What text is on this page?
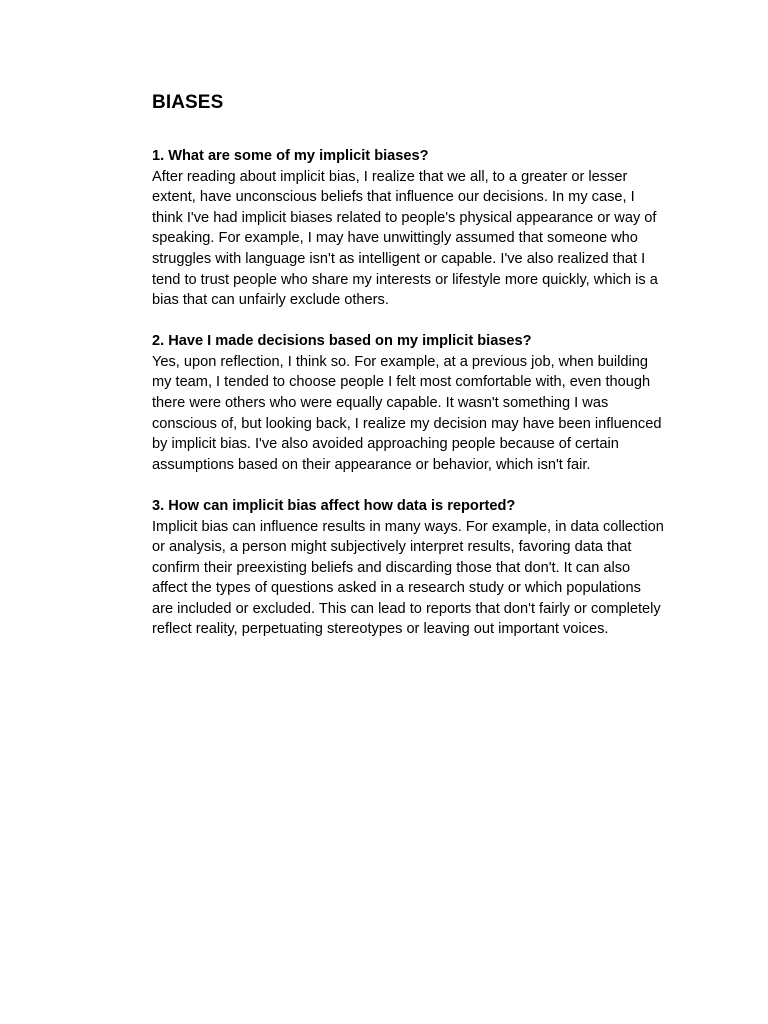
BIASES

1. What are some of my implicit biases?

After reading about implicit bias, I realize that we all, to a greater or lesser extent, have unconscious beliefs that influence our decisions. In my case, I think I've had implicit biases related to people's physical appearance or way of speaking. For example, I may have unwittingly assumed that someone who struggles with language isn't as intelligent or capable. I've also realized that I tend to trust people who share my interests or lifestyle more quickly, which is a bias that can unfairly exclude others.

2. Have I made decisions based on my implicit biases?

Yes, upon reflection, I think so. For example, at a previous job, when building my team, I tended to choose people I felt most comfortable with, even though there were others who were equally capable. It wasn't something I was conscious of, but looking back, I realize my decision may have been influenced by implicit bias. I've also avoided approaching people because of certain assumptions based on their appearance or behavior, which isn't fair.

3. How can implicit bias affect how data is reported?

Implicit bias can influence results in many ways. For example, in data collection or analysis, a person might subjectively interpret results, favoring data that confirm their preexisting beliefs and discarding those that don't. It can also affect the types of questions asked in a research study or which populations are included or excluded. This can lead to reports that don't fairly or completely reflect reality, perpetuating stereotypes or leaving out important voices.
